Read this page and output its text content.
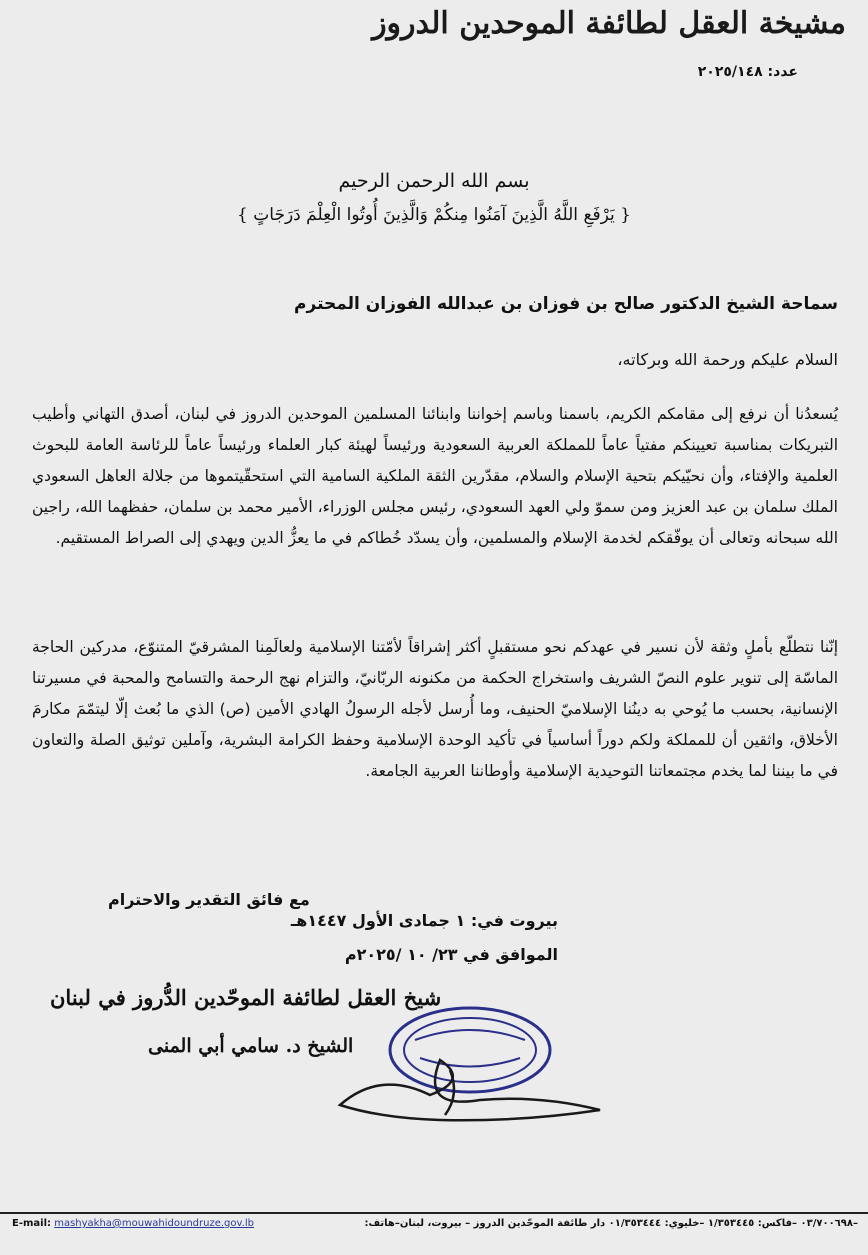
مشيخة العقل لطائفة الموحدين الدروز
عدد: ٢٠٢٥/١٤٨
بسم الله الرحمن الرحيم
{ يَرْفَعِ اللَّهُ الَّذِينَ آمَنُوا مِنكُمْ وَالَّذِينَ أُوتُوا الْعِلْمَ دَرَجَاتٍ }
سماحة الشيخ الدكتور صالح بن فوزان بن عبدالله الفوزان المحترم
السلام عليكم ورحمة الله وبركاته،
يُسعدُنا أن نرفع إلى مقامكم الكريم، باسمنا وباسم إخواننا وابنائنا المسلمين الموحدين الدروز في لبنان، أصدق التهاني وأطيب التبريكات بمناسبة تعيينكم مفتياً عاماً للمملكة العربية السعودية ورئيساً لهيئة كبار العلماء ورئيساً عاماً للرئاسة العامة للبحوث العلمية والإفتاء، وأن نحيّيكم بتحية الإسلام والسلام، مقدّرين الثقة الملكية السامية التي استحقّيتموها من جلالة العاهل السعودي الملك سلمان بن عبد العزيز ومن سموّ ولي العهد السعودي، رئيس مجلس الوزراء، الأمير محمد بن سلمان، حفظهما الله، راجين الله سبحانه وتعالى أن يوفّقكم لخدمة الإسلام والمسلمين، وأن يسدّد خُطاكم في ما يعزُّ الدين ويهدي إلى الصراط المستقيم.
إنّنا نتطلّع بأملٍ وثقة لأن نسير في عهدكم نحو مستقبلٍ أكثر إشراقاً لأمّتنا الإسلامية ولعالَمِنا المشرقيّ المتنوّع، مدركين الحاجة الماسّة إلى تنوير علوم النصّ الشريف واستخراج الحكمة من مكنونه الربّانيّ، والتزام نهج الرحمة والتسامح والمحبة في مسيرتنا الإنسانية، بحسب ما يُوحي به دينُنا الإسلاميّ الحنيف، وما أُرسل لأجله الرسولُ الهادي الأمين (ص) الذي ما بُعث إلّا ليتمّمَ مكارمَ الأخلاق، واثقين أن للمملكة ولكم دوراً أساسياً في تأكيد الوحدة الإسلامية وحفظ الكرامة البشرية، وآملين توثيق الصلة والتعاون في ما بيننا لما يخدم مجتمعاتنا التوحيدية الإسلامية وأوطاننا العربية الجامعة.
مع فائق التقدير والاحترام
بيروت في: ١ جمادى الأول ١٤٤٧هـ
الموافق في ٢٣/ ١٠ /٢٠٢٥م
شيخ العقل لطائفة الموحّدين الدُّروز في لبنان
الشيخ د. سامي أبي المنى
E-mail: mashyakha@mouwahidoundruze.gov.lb	–٠٣/٧٠٠٦٩٨ –فاكس: ١/٣٥٣٤٤٥ –خليوي: ٠١/٣٥٣٤٤٤ دار طائفة الموحّدين الدروز – بيروت، لبنان–هاتف:
